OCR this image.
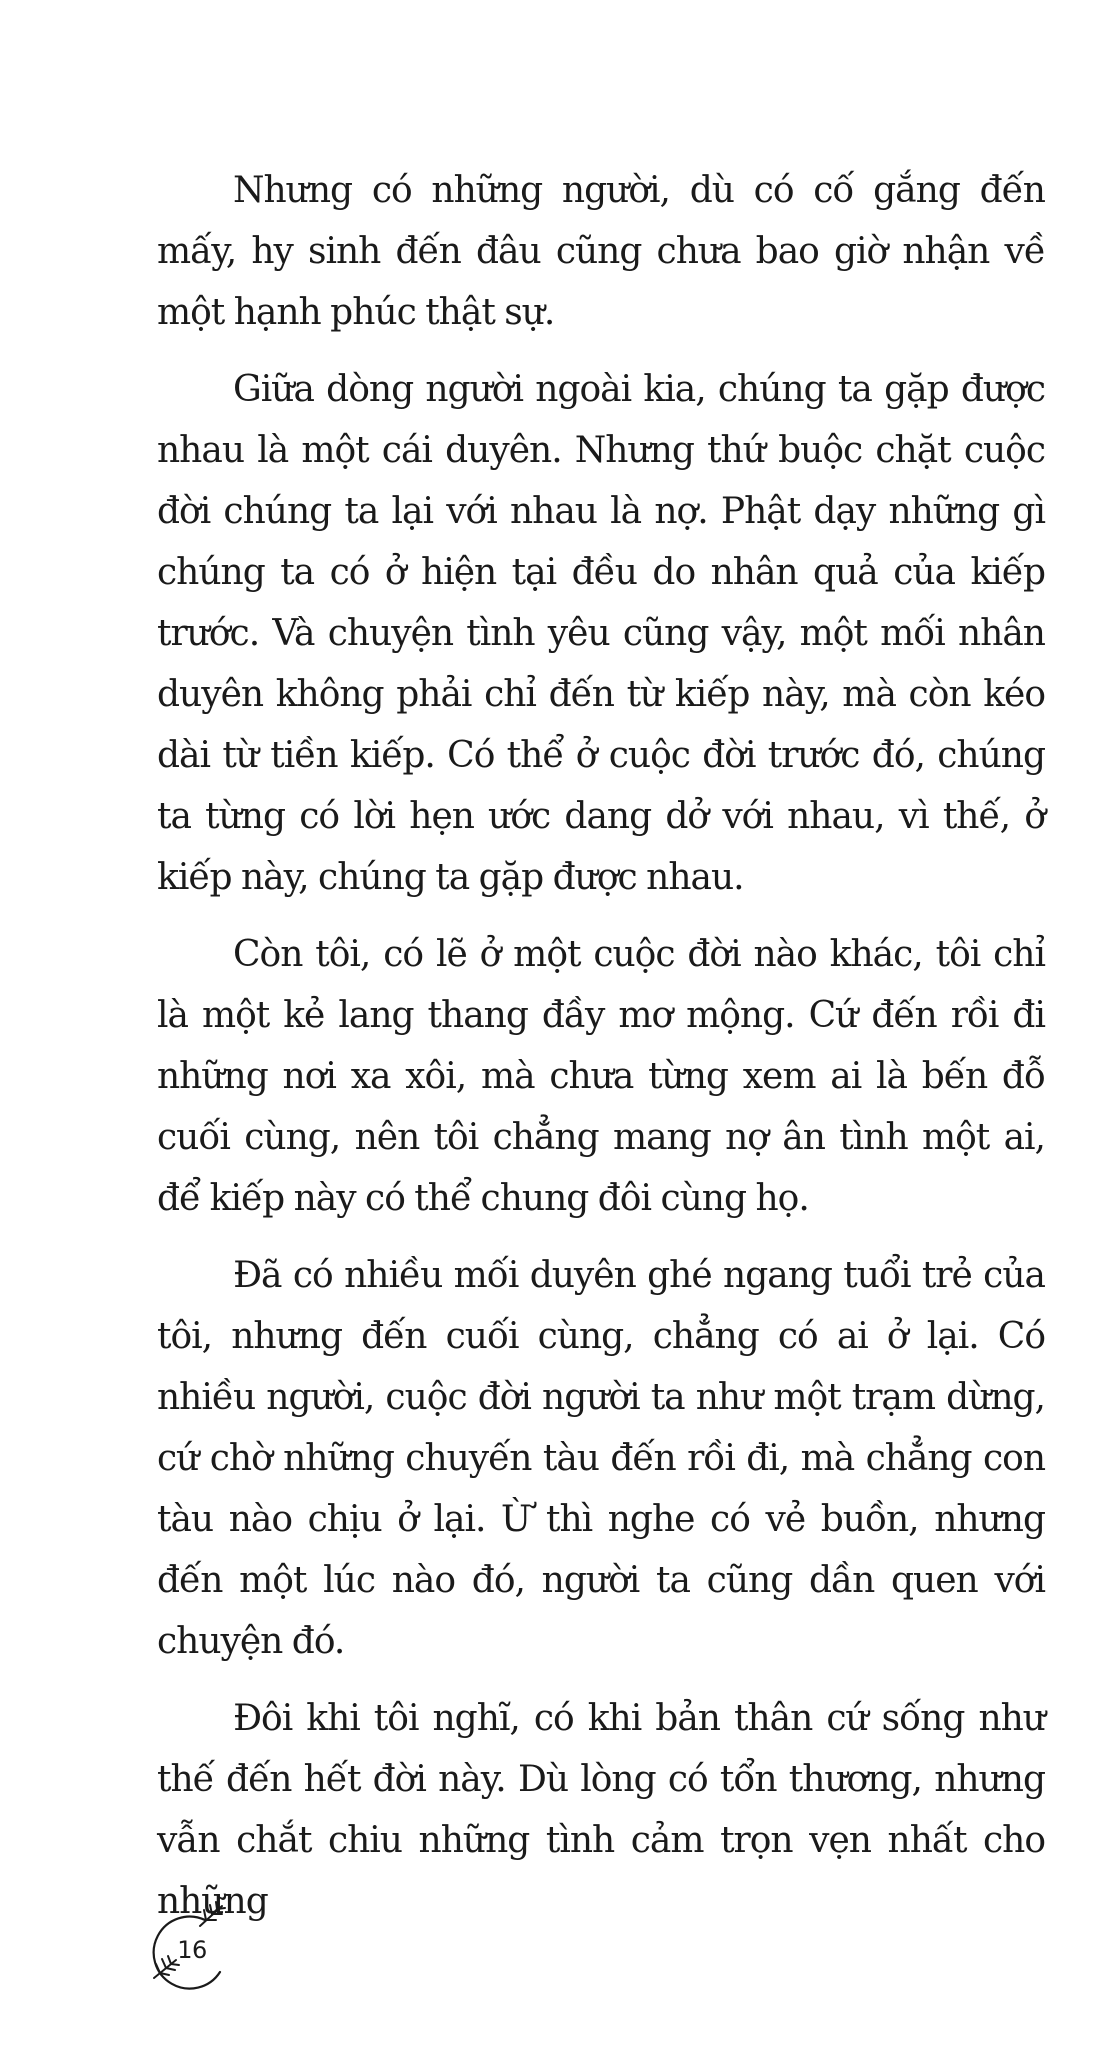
Nhưng có những người, dù có cố gắng đến mấy, hy sinh đến đâu cũng chưa bao giờ nhận về một hạnh phúc thật sự.

Giữa dòng người ngoài kia, chúng ta gặp được nhau là một cái duyên. Nhưng thứ buộc chặt cuộc đời chúng ta lại với nhau là nợ. Phật dạy những gì chúng ta có ở hiện tại đều do nhân quả của kiếp trước. Và chuyện tình yêu cũng vậy, một mối nhân duyên không phải chỉ đến từ kiếp này, mà còn kéo dài từ tiền kiếp. Có thể ở cuộc đời trước đó, chúng ta từng có lời hẹn ước dang dở với nhau, vì thế, ở kiếp này, chúng ta gặp được nhau.

Còn tôi, có lẽ ở một cuộc đời nào khác, tôi chỉ là một kẻ lang thang đầy mơ mộng. Cứ đến rồi đi những nơi xa xôi, mà chưa từng xem ai là bến đỗ cuối cùng, nên tôi chẳng mang nợ ân tình một ai, để kiếp này có thể chung đôi cùng họ.

Đã có nhiều mối duyên ghé ngang tuổi trẻ của tôi, nhưng đến cuối cùng, chẳng có ai ở lại. Có nhiều người, cuộc đời người ta như một trạm dừng, cứ chờ những chuyến tàu đến rồi đi, mà chẳng con tàu nào chịu ở lại. Ừ thì nghe có vẻ buồn, nhưng đến một lúc nào đó, người ta cũng dần quen với chuyện đó.

Đôi khi tôi nghĩ, có khi bản thân cứ sống như thế đến hết đời này. Dù lòng có tổn thương, nhưng vẫn chắt chiu những tình cảm trọn vẹn nhất cho những

16
